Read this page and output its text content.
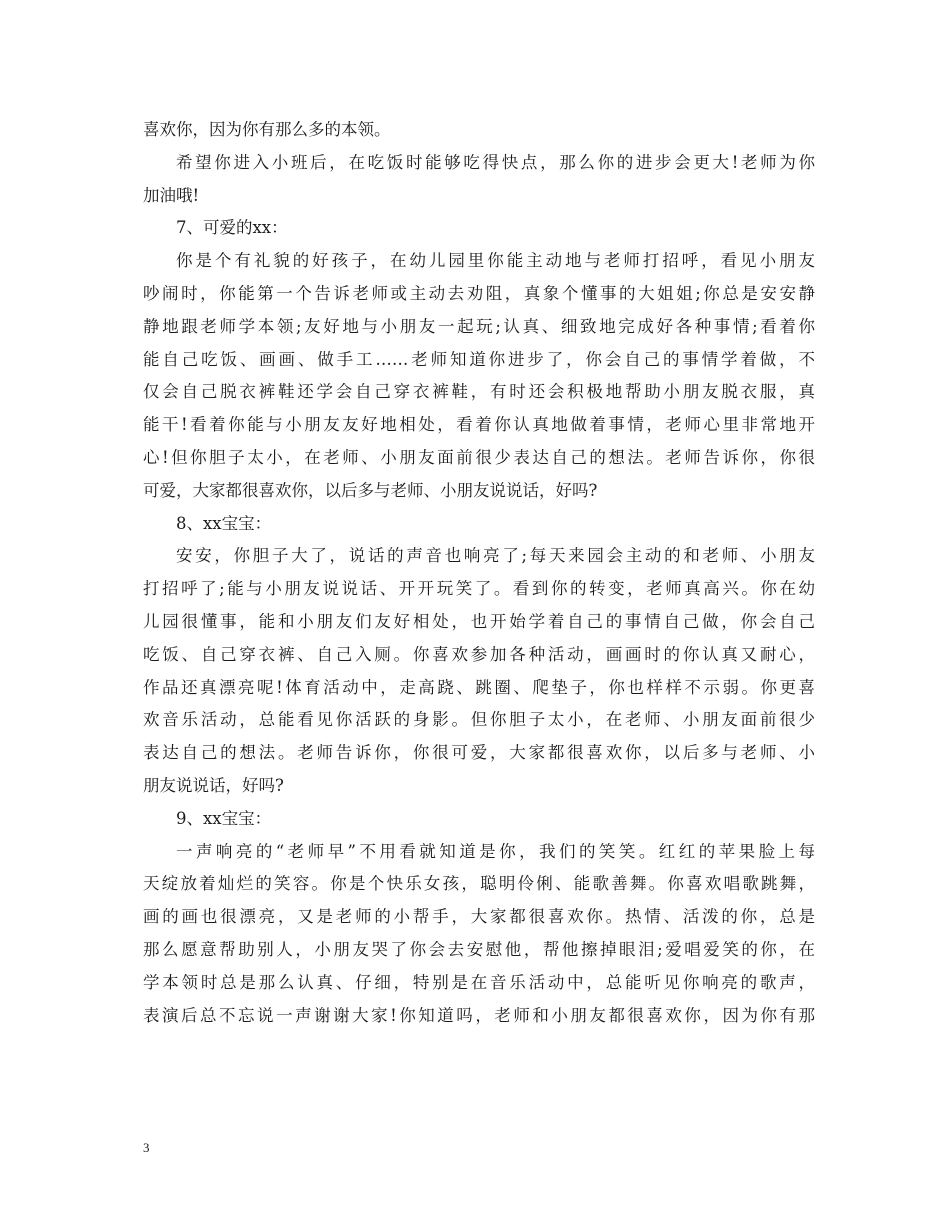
喜欢你，因为你有那么多的本领。
希望你进入小班后，在吃饭时能够吃得快点，那么你的进步会更大!老师为你
加油哦!
7、可爱的xx：
你是个有礼貌的好孩子，在幼儿园里你能主动地与老师打招呼，看见小朋友
吵闹时，你能第一个告诉老师或主动去劝阻，真象个懂事的大姐姐;你总是安安静
静地跟老师学本领;友好地与小朋友一起玩;认真、细致地完成好各种事情;看着你
能自己吃饭、画画、做手工……老师知道你进步了，你会自己的事情学着做，不
仅会自己脱衣裤鞋还学会自己穿衣裤鞋，有时还会积极地帮助小朋友脱衣服，真
能干!看着你能与小朋友友好地相处，看着你认真地做着事情，老师心里非常地开
心!但你胆子太小，在老师、小朋友面前很少表达自己的想法。老师告诉你，你很
可爱，大家都很喜欢你，以后多与老师、小朋友说说话，好吗?
8、xx宝宝：
安安，你胆子大了，说话的声音也响亮了;每天来园会主动的和老师、小朋友
打招呼了;能与小朋友说说话、开开玩笑了。看到你的转变，老师真高兴。你在幼
儿园很懂事，能和小朋友们友好相处，也开始学着自己的事情自己做，你会自己
吃饭、自己穿衣裤、自己入厕。你喜欢参加各种活动，画画时的你认真又耐心，
作品还真漂亮呢!体育活动中，走高跷、跳圈、爬垫子，你也样样不示弱。你更喜
欢音乐活动，总能看见你活跃的身影。但你胆子太小，在老师、小朋友面前很少
表达自己的想法。老师告诉你，你很可爱，大家都很喜欢你，以后多与老师、小
朋友说说话，好吗?
9、xx宝宝：
一声响亮的“老师早”不用看就知道是你，我们的笑笑。红红的苹果脸上每
天绽放着灿烂的笑容。你是个快乐女孩，聪明伶俐、能歌善舞。你喜欢唱歌跳舞，
画的画也很漂亮，又是老师的小帮手，大家都很喜欢你。热情、活泼的你，总是
那么愿意帮助别人，小朋友哭了你会去安慰他，帮他擦掉眼泪;爱唱爱笑的你，在
学本领时总是那么认真、仔细，特别是在音乐活动中，总能听见你响亮的歌声，
表演后总不忘说一声谢谢大家!你知道吗，老师和小朋友都很喜欢你，因为你有那
3
